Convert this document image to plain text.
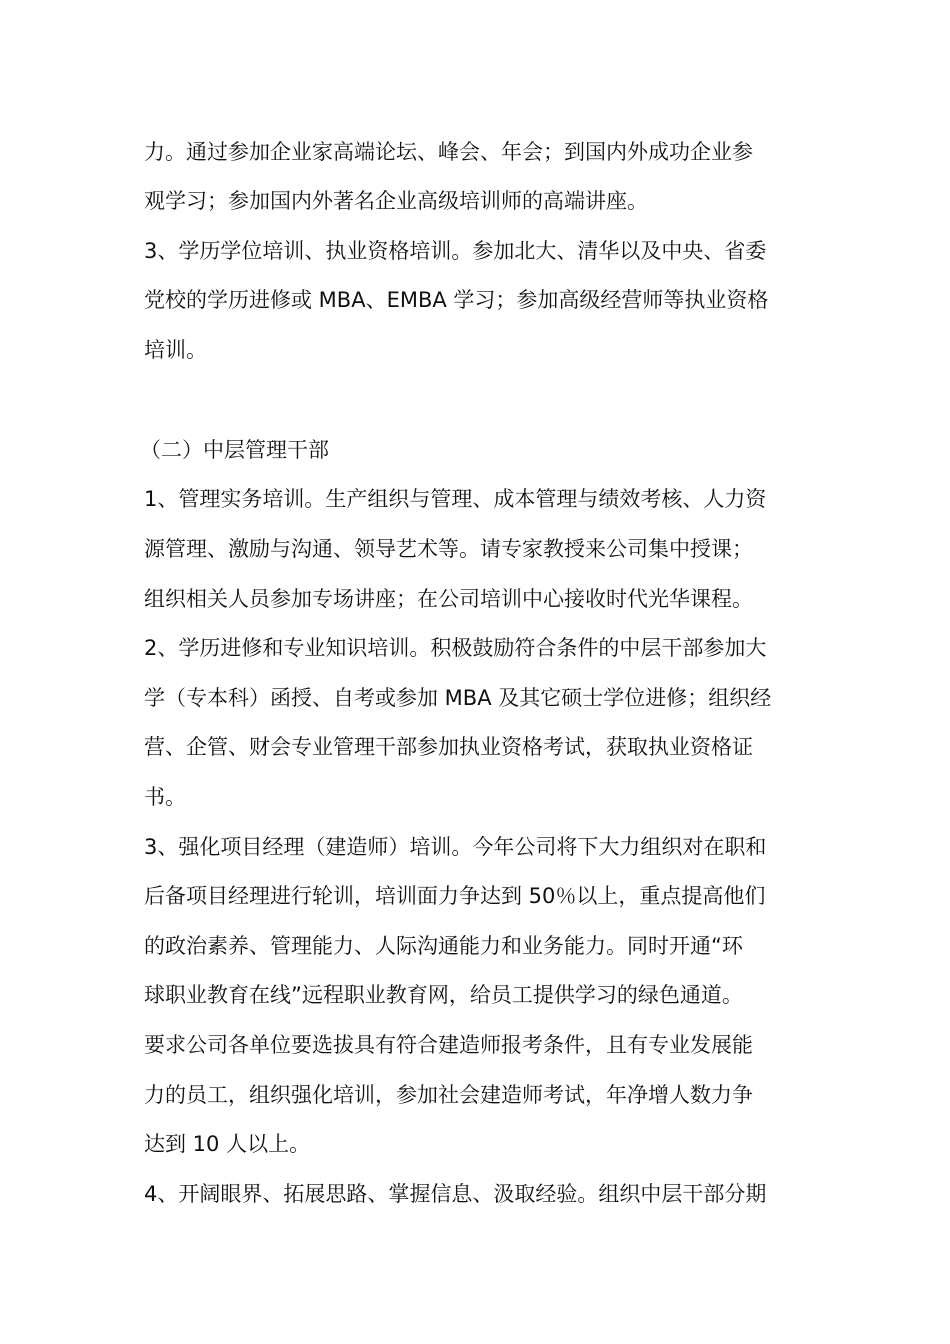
力。通过参加企业家高端论坛、峰会、年会；到国内外成功企业参

观学习；参加国内外著名企业高级培训师的高端讲座。

3、学历学位培训、执业资格培训。参加北大、清华以及中央、省委

党校的学历进修或 MBA、EMBA 学习；参加高级经营师等执业资格

培训。

（二）中层管理干部

1、管理实务培训。生产组织与管理、成本管理与绩效考核、人力资

源管理、激励与沟通、领导艺术等。请专家教授来公司集中授课；

组织相关人员参加专场讲座；在公司培训中心接收时代光华课程。

2、学历进修和专业知识培训。积极鼓励符合条件的中层干部参加大

学（专本科）函授、自考或参加 MBA 及其它硕士学位进修；组织经

营、企管、财会专业管理干部参加执业资格考试，获取执业资格证

书。

3、强化项目经理（建造师）培训。今年公司将下大力组织对在职和

后备项目经理进行轮训，培训面力争达到 50％以上，重点提高他们

的政治素养、管理能力、人际沟通能力和业务能力。同时开通“环

球职业教育在线”远程职业教育网，给员工提供学习的绿色通道。

要求公司各单位要选拔具有符合建造师报考条件，且有专业发展能

力的员工，组织强化培训，参加社会建造师考试，年净增人数力争

达到 10 人以上。

4、开阔眼界、拓展思路、掌握信息、汲取经验。组织中层干部分期
